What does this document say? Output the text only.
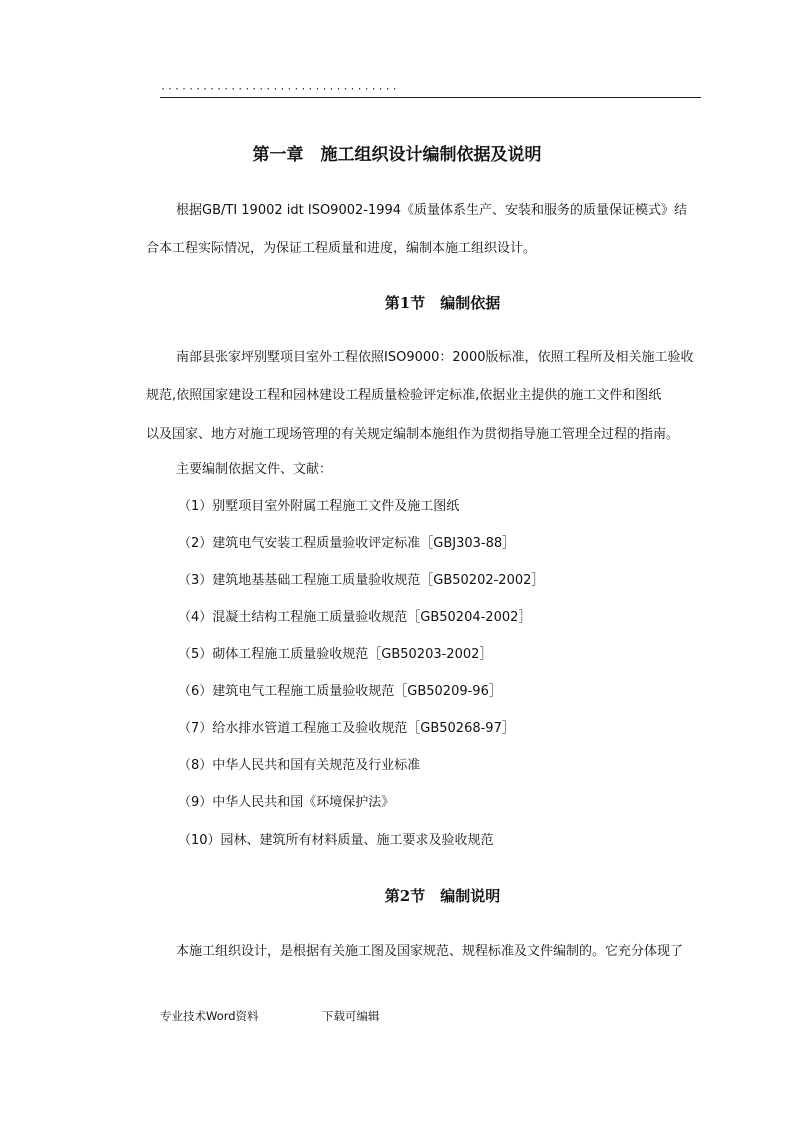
··································
第一章　施工组织设计编制依据及说明
根据GB/TI 19002 idt ISO9002-1994《质量体系生产、安装和服务的质量保证模式》结
合本工程实际情况，为保证工程质量和进度，编制本施工组织设计。
第1节　编制依据
南部县张家坪别墅项目室外工程依照ISO9000：2000版标准，依照工程所及相关施工验收
规范,依照国家建设工程和园林建设工程质量检验评定标准,依据业主提供的施工文件和图纸
以及国家、地方对施工现场管理的有关规定编制本施组作为贯彻指导施工管理全过程的指南。
主要编制依据文件、文献：
（1）别墅项目室外附属工程施工文件及施工图纸
（2）建筑电气安装工程质量验收评定标准［GBJ303-88］
（3）建筑地基基础工程施工质量验收规范［GB50202-2002］
（4）混凝土结构工程施工质量验收规范［GB50204-2002］
（5）砌体工程施工质量验收规范［GB50203-2002］
（6）建筑电气工程施工质量验收规范［GB50209-96］
（7）给水排水管道工程施工及验收规范［GB50268-97］
（8）中华人民共和国有关规范及行业标准
（9）中华人民共和国《环境保护法》
（10）园林、建筑所有材料质量、施工要求及验收规范
第2节　编制说明
本施工组织设计，是根据有关施工图及国家规范、规程标准及文件编制的。它充分体现了
专业技术Word资料	下载可编辑
